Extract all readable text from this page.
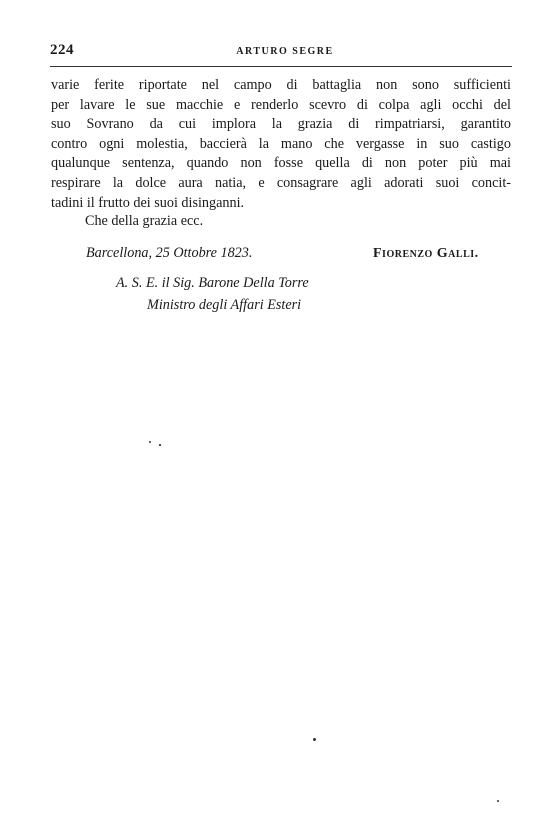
224	ARTURO SEGRE
varie ferite riportate nel campo di battaglia non sono sufficienti
per lavare le sue macchie e renderlo scevro di colpa agli occhi del
suo Sovrano da cui implora la grazia di rimpatriarsi, garantito
contro ogni molestia, baccierà la mano che vergasse in suo castigo
qualunque sentenza, quando non fosse quella di non poter più mai
respirare la dolce aura natia, e consagrare agli adorati suoi concit-
tadini il frutto dei suoi disinganni.
Che della grazia ecc.
Barcellona, 25 Ottobre 1823.	Fiorenzo Galli.
A. S. E. il Sig. Barone Della Torre
Ministro degli Affari Esteri
